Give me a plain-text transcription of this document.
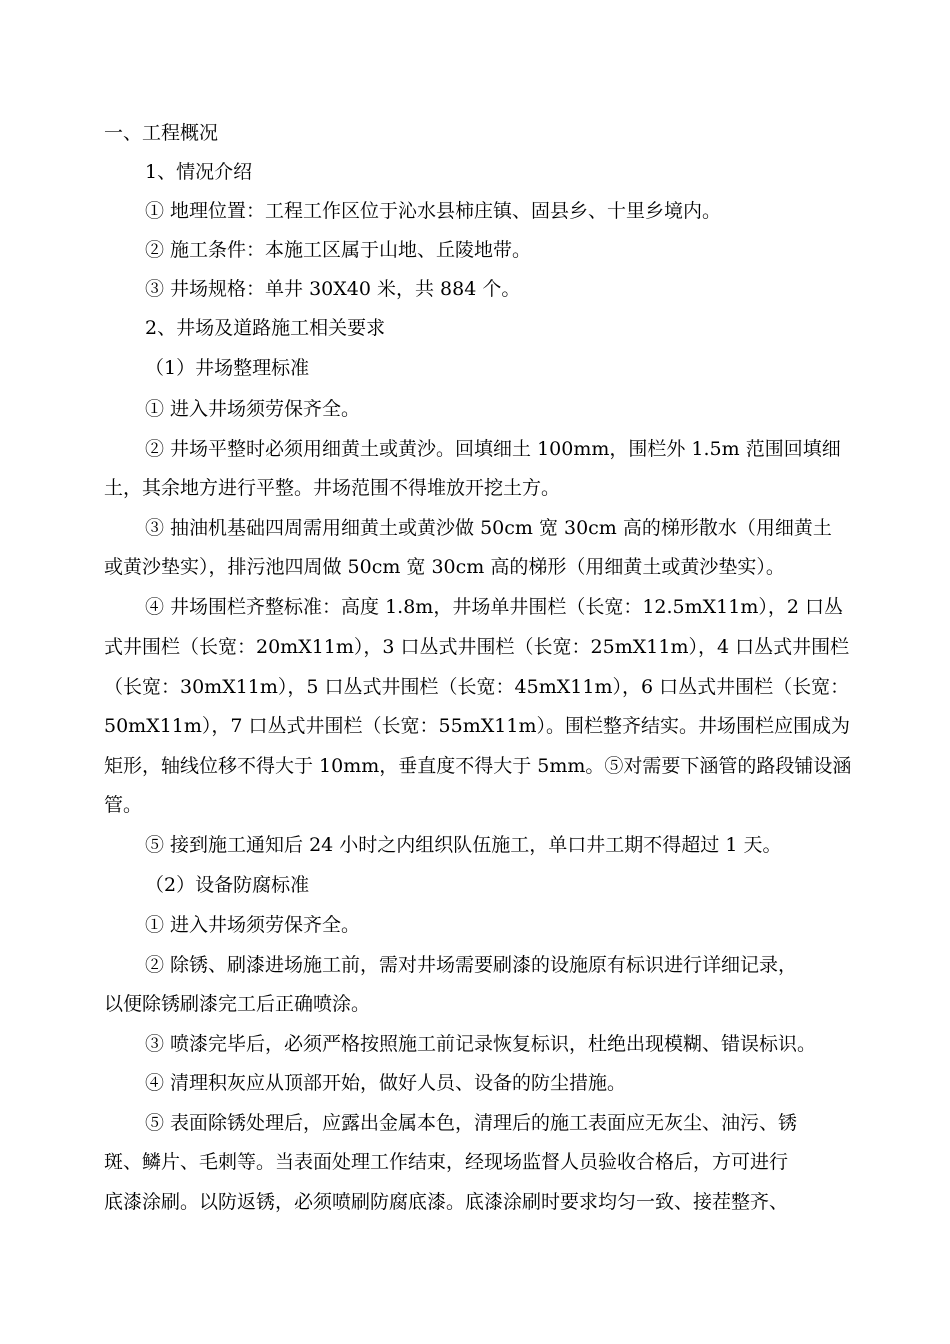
一、工程概况

1、情况介绍

① 地理位置：工程工作区位于沁水县柿庄镇、固县乡、十里乡境内。

② 施工条件：本施工区属于山地、丘陵地带。

③ 井场规格：单井 30X40 米，共 884 个。

2、井场及道路施工相关要求

（1）井场整理标准

① 进入井场须劳保齐全。

② 井场平整时必须用细黄土或黄沙。回填细土 100mm，围栏外 1.5m 范围回填细

土，其余地方进行平整。井场范围不得堆放开挖土方。

③ 抽油机基础四周需用细黄土或黄沙做 50cm 宽 30cm 高的梯形散水（用细黄土

或黄沙垫实），排污池四周做 50cm 宽 30cm 高的梯形（用细黄土或黄沙垫实）。

④ 井场围栏齐整标准：高度 1.8m，井场单井围栏（长宽：12.5mX11m），2 口丛

式井围栏（长宽：20mX11m），3 口丛式井围栏（长宽：25mX11m），4 口丛式井围栏

（长宽：30mX11m），5 口丛式井围栏（长宽：45mX11m），6 口丛式井围栏（长宽：

50mX11m），7 口丛式井围栏（长宽：55mX11m）。围栏整齐结实。井场围栏应围成为

矩形，轴线位移不得大于 10mm，垂直度不得大于 5mm。⑤对需要下涵管的路段铺设涵

管。

⑤ 接到施工通知后 24 小时之内组织队伍施工，单口井工期不得超过 1 天。

（2）设备防腐标准

① 进入井场须劳保齐全。

② 除锈、刷漆进场施工前，需对井场需要刷漆的设施原有标识进行详细记录，

以便除锈刷漆完工后正确喷涂。

③ 喷漆完毕后，必须严格按照施工前记录恢复标识，杜绝出现模糊、错误标识。

④ 清理积灰应从顶部开始，做好人员、设备的防尘措施。

⑤ 表面除锈处理后，应露出金属本色，清理后的施工表面应无灰尘、油污、锈

斑、鳞片、毛刺等。当表面处理工作结束，经现场监督人员验收合格后，方可进行

底漆涂刷。以防返锈，必须喷刷防腐底漆。底漆涂刷时要求均匀一致、接茬整齐、
